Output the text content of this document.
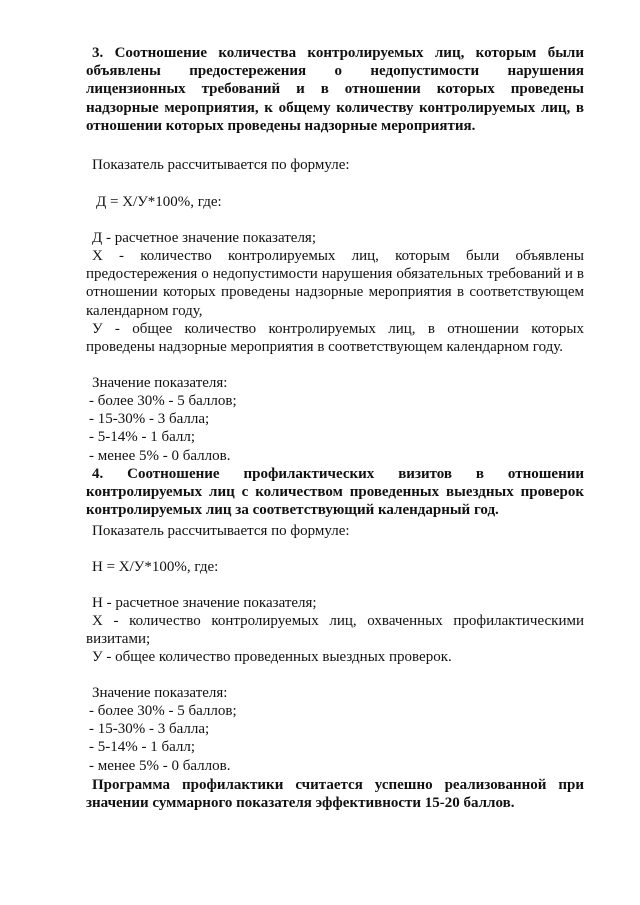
3. Соотношение количества контролируемых лиц, которым были объявлены предостережения о недопустимости нарушения лицензионных требований и в отношении которых проведены надзорные мероприятия, к общему количеству контролируемых лиц, в отношении которых проведены надзорные мероприятия.

Показатель рассчитывается по формуле:

Д = Х/У*100%, где:

Д - расчетное значение показателя;

Х - количество контролируемых лиц, которым были объявлены предостережения о недопустимости нарушения обязательных требований и в отношении которых проведены надзорные мероприятия в соответствующем календарном году,

У - общее количество контролируемых лиц, в отношении которых проведены надзорные мероприятия в соответствующем календарном году.

Значение показателя:

- более 30% - 5 баллов;
- 15-30% - 3 балла;
- 5-14% - 1 балл;
- менее 5% - 0 баллов.

4. Соотношение профилактических визитов в отношении контролируемых лиц с количеством проведенных выездных проверок контролируемых лиц за соответствующий календарный год.

Показатель рассчитывается по формуле:

Н = Х/У*100%, где:

Н - расчетное значение показателя;

Х - количество контролируемых лиц, охваченных профилактическими визитами;

У - общее количество проведенных выездных проверок.

Значение показателя:

- более 30% - 5 баллов;
- 15-30% - 3 балла;
- 5-14% - 1 балл;
- менее 5% - 0 баллов.

Программа профилактики считается успешно реализованной при значении суммарного показателя эффективности 15-20 баллов.
